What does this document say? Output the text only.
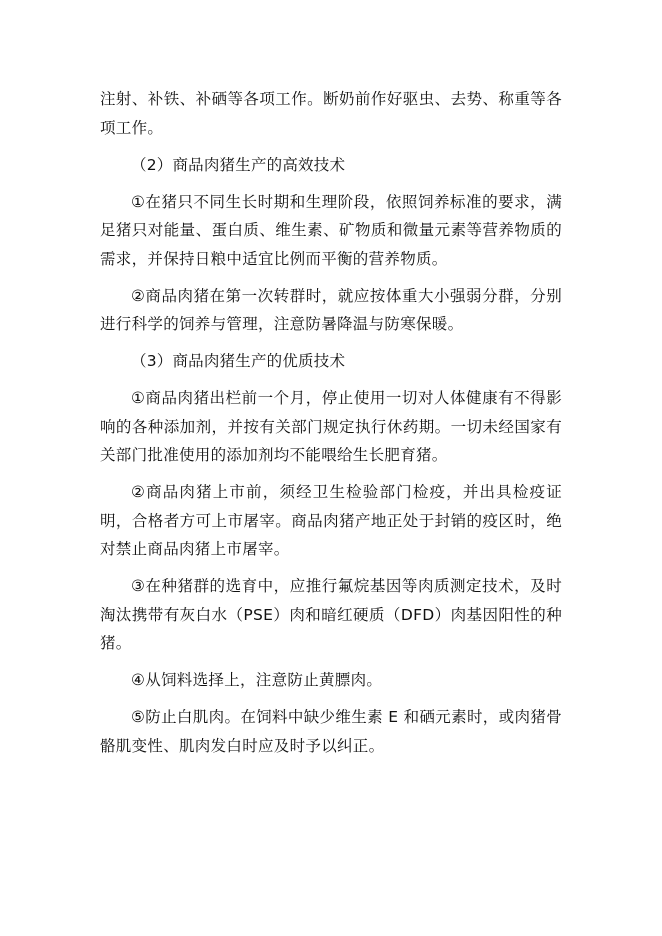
注射、补铁、补硒等各项工作。断奶前作好驱虫、去势、称重等各项工作。

（2）商品肉猪生产的高效技术

①在猪只不同生长时期和生理阶段，依照饲养标准的要求，满足猪只对能量、蛋白质、维生素、矿物质和微量元素等营养物质的需求，并保持日粮中适宜比例而平衡的营养物质。

②商品肉猪在第一次转群时，就应按体重大小强弱分群，分别进行科学的饲养与管理，注意防暑降温与防寒保暖。

（3）商品肉猪生产的优质技术

①商品肉猪出栏前一个月，停止使用一切对人体健康有不得影响的各种添加剂，并按有关部门规定执行休药期。一切未经国家有关部门批准使用的添加剂均不能喂给生长肥育猪。

②商品肉猪上市前，须经卫生检验部门检疫，并出具检疫证明，合格者方可上市屠宰。商品肉猪产地正处于封销的疫区时，绝对禁止商品肉猪上市屠宰。

③在种猪群的选育中，应推行氟烷基因等肉质测定技术，及时淘汰携带有灰白水（PSE）肉和暗红硬质（DFD）肉基因阳性的种猪。

④从饲料选择上，注意防止黄膘肉。

⑤防止白肌肉。在饲料中缺少维生素 E 和硒元素时，或肉猪骨骼肌变性、肌肉发白时应及时予以纠正。
